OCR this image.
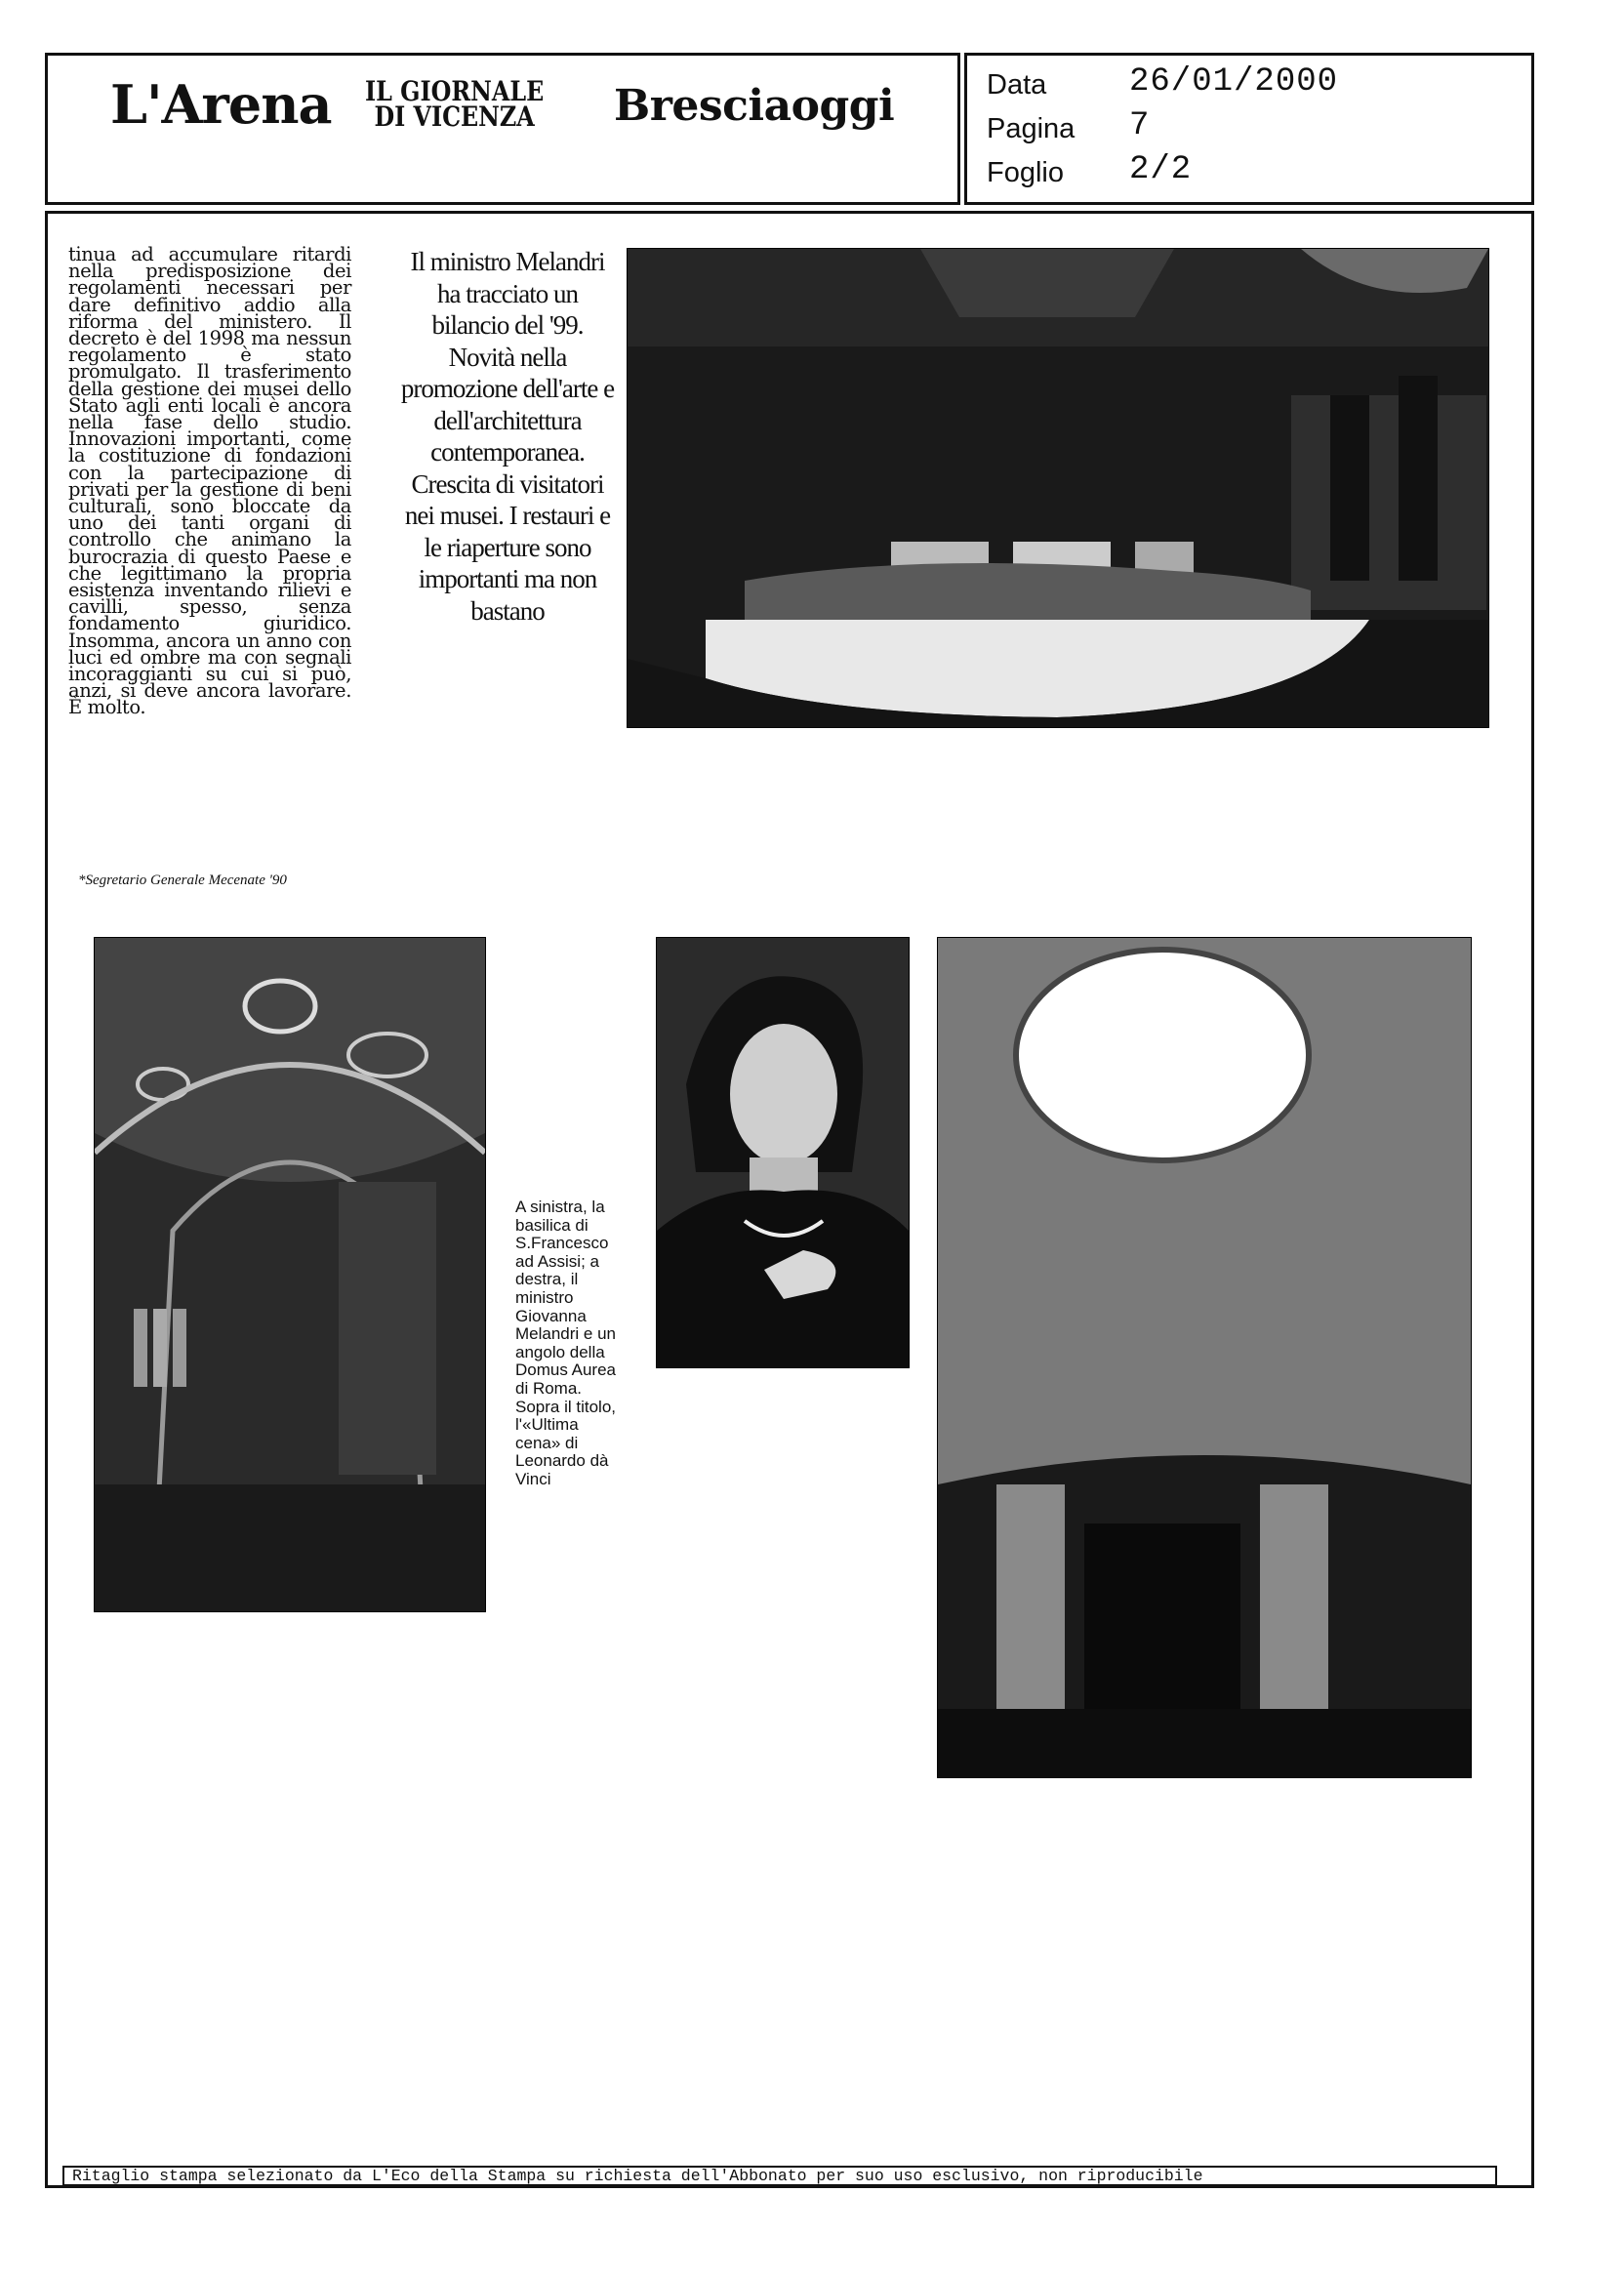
L'Arena IL GIORNALE
DI VICENZA Bresciaoggi	Data 26/01/2000
Pagina 7
Foglio 2/2
tinua ad accumulare ritardi nella predisposizione dei regolamenti necessari per dare definitivo addio alla riforma del ministero. Il decreto è del 1998 ma nessun regolamento è stato promulgato. Il trasferimento della gestione dei musei dello Stato agli enti locali è ancora nella fase dello studio. Innovazioni importanti, come la costituzione di fondazioni con la partecipazione di privati per la gestione di beni culturali, sono bloccate da uno dei tanti organi di controllo che animano la burocrazia di questo Paese e che legittimano la propria esistenza inventando rilievi e cavilli, spesso, senza fondamento giuridico. Insomma, ancora un anno con luci ed ombre ma con segnali incoraggianti su cui si può, anzi, si deve ancora lavorare. È molto.
*Segretario Generale Mecenate '90
Il ministro Melandri ha tracciato un bilancio del '99. Novità nella promozione dell'arte e dell'architettura contemporanea. Crescita di visitatori nei musei. I restauri e le riaperture sono importanti ma non bastano
A sinistra, la basilica di S.Francesco ad Assisi; a destra, il ministro Giovanna Melandri e un angolo della Domus Aurea di Roma. Sopra il titolo, l'«Ultima cena» di Leonardo dà Vinci
Ritaglio stampa selezionato da L'Eco della Stampa su richiesta dell'Abbonato per suo uso esclusivo, non riproducibile
